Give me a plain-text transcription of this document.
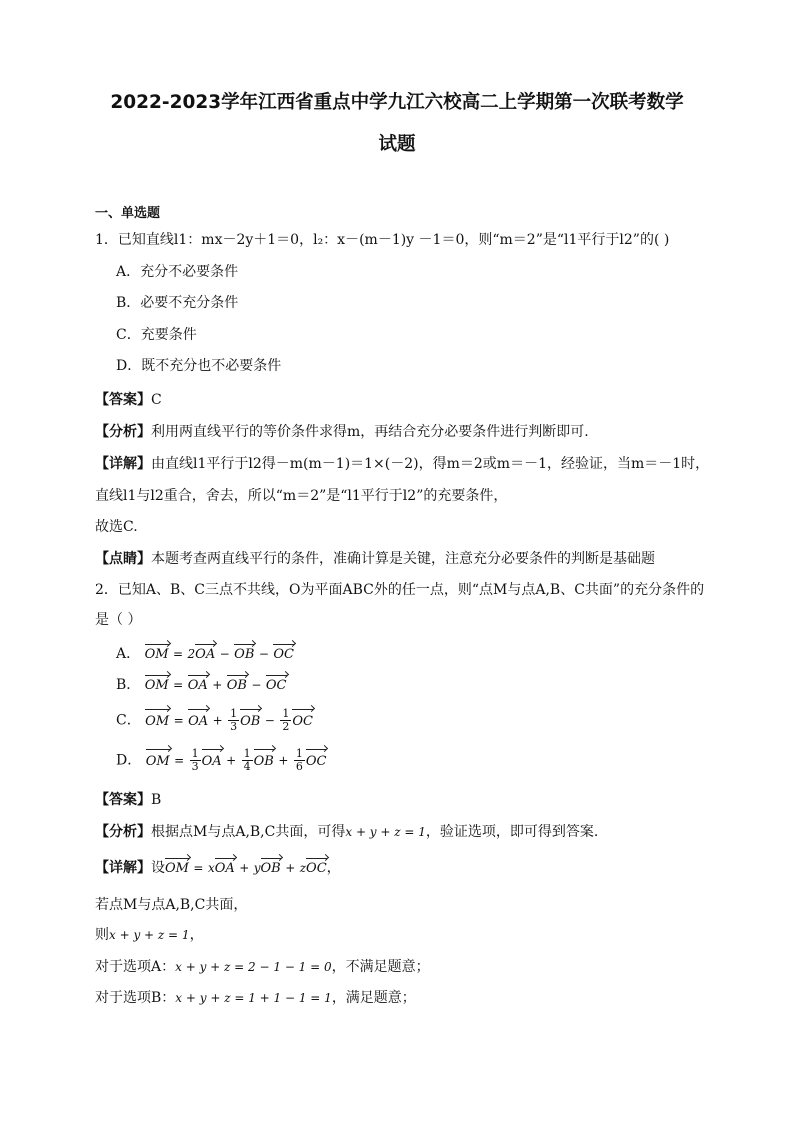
2022-2023学年江西省重点中学九江六校高二上学期第一次联考数学
试题
一、单选题
1．已知直线l1：mx－2y＋1＝0，l₂：x－(m－1)y －1＝0，则“m＝2”是“l1平行于l2”的( )
A．充分不必要条件
B．必要不充分条件
C．充要条件
D．既不充分也不必要条件
【答案】C
【分析】利用两直线平行的等价条件求得m，再结合充分必要条件进行判断即可.
【详解】由直线l1平行于l2得－m(m－1)＝1×(－2)，得m＝2或m＝－1，经验证，当m＝－1时，
直线l1与l2重合，舍去，所以“m＝2”是“l1平行于l2”的充要条件，
故选C.
【点睛】本题考查两直线平行的条件，准确计算是关键，注意充分必要条件的判断是基础题
2．已知A、B、C三点不共线，O为平面ABC外的任一点，则“点M与点A,B、C共面”的充分条件的
是（ ）
A． OM = 2OA − OB − OC
B． OM = OA + OB − OC
C． OM = OA + $\frac{1}{3}$ OB − $\frac{1}{2}$ OC
D． OM = $\frac{1}{3}$ OA + $\frac{1}{4}$ OB + $\frac{1}{6}$ OC
【答案】B
【分析】根据点M与点A,B,C共面，可得x + y + z = 1，验证选项，即可得到答案.
【详解】设OM = xOA + yOB + zOC，
若点M与点A,B,C共面，
则x + y + z = 1，
对于选项A：x + y + z = 2 − 1 − 1 = 0，不满足题意；
对于选项B：x + y + z = 1 + 1 − 1 = 1，满足题意；
